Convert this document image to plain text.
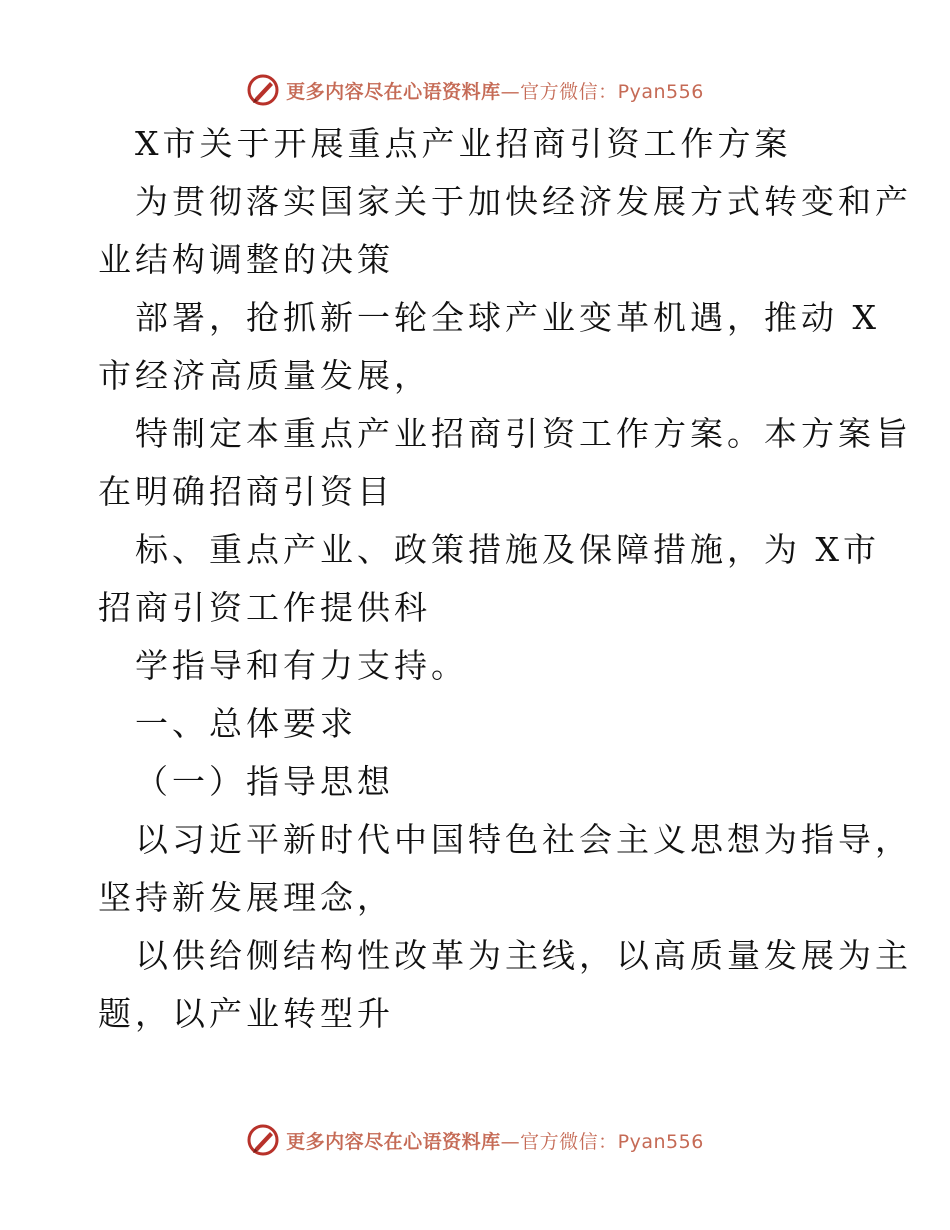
更多内容尽在心语资料库—官方微信：Pyan556
X市关于开展重点产业招商引资工作方案
为贯彻落实国家关于加快经济发展方式转变和产
业结构调整的决策
部署，抢抓新一轮全球产业变革机遇，推动 X
市经济高质量发展，
特制定本重点产业招商引资工作方案。本方案旨
在明确招商引资目
标、重点产业、政策措施及保障措施，为 X市
招商引资工作提供科
学指导和有力支持。
一、总体要求
（一）指导思想
以习近平新时代中国特色社会主义思想为指导，
坚持新发展理念，
以供给侧结构性改革为主线，以高质量发展为主
题，以产业转型升
更多内容尽在心语资料库—官方微信：Pyan556
